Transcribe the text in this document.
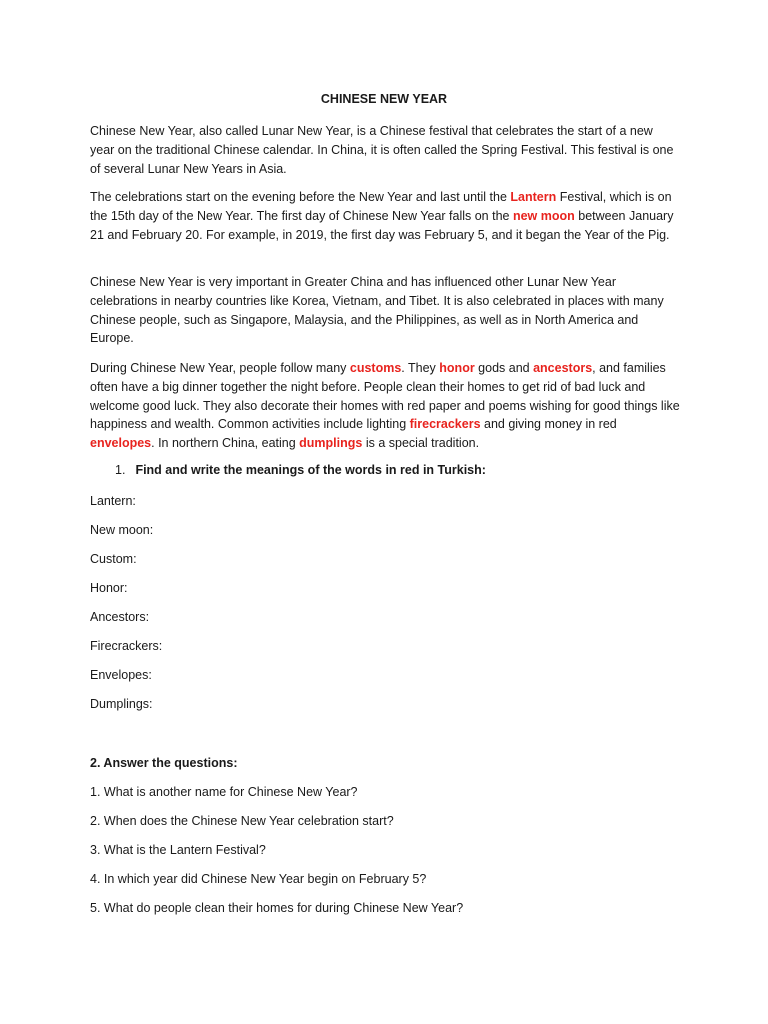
CHINESE NEW YEAR

Chinese New Year, also called Lunar New Year, is a Chinese festival that celebrates the start of a new year on the traditional Chinese calendar. In China, it is often called the Spring Festival. This festival is one of several Lunar New Years in Asia.

The celebrations start on the evening before the New Year and last until the Lantern Festival, which is on the 15th day of the New Year. The first day of Chinese New Year falls on the new moon between January 21 and February 20. For example, in 2019, the first day was February 5, and it began the Year of the Pig.

Chinese New Year is very important in Greater China and has influenced other Lunar New Year celebrations in nearby countries like Korea, Vietnam, and Tibet. It is also celebrated in places with many Chinese people, such as Singapore, Malaysia, and the Philippines, as well as in North America and Europe.

During Chinese New Year, people follow many customs. They honor gods and ancestors, and families often have a big dinner together the night before. People clean their homes to get rid of bad luck and welcome good luck. They also decorate their homes with red paper and poems wishing for good things like happiness and wealth. Common activities include lighting firecrackers and giving money in red envelopes. In northern China, eating dumplings is a special tradition.

1. Find and write the meanings of the words in red in Turkish:
Lantern:
New moon:
Custom:
Honor:
Ancestors:
Firecrackers:
Envelopes:
Dumplings:
2. Answer the questions:
1. What is another name for Chinese New Year?
2. When does the Chinese New Year celebration start?
3. What is the Lantern Festival?
4. In which year did Chinese New Year begin on February 5?
5. What do people clean their homes for during Chinese New Year?
